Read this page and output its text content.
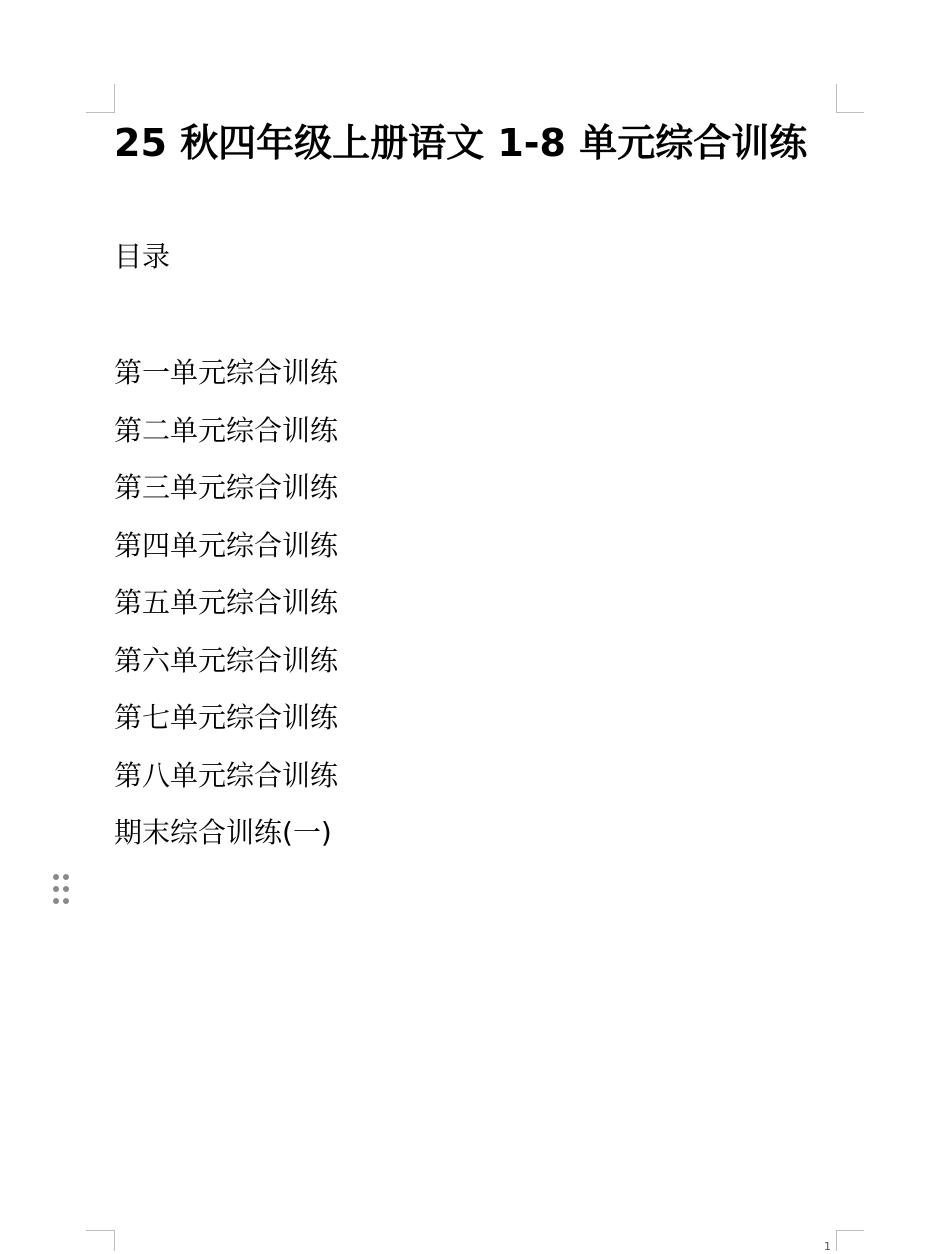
25 秋四年级上册语文 1-8 单元综合训练
目录
第一单元综合训练
第二单元综合训练
第三单元综合训练
第四单元综合训练
第五单元综合训练
第六单元综合训练
第七单元综合训练
第八单元综合训练
期末综合训练(一)
1
